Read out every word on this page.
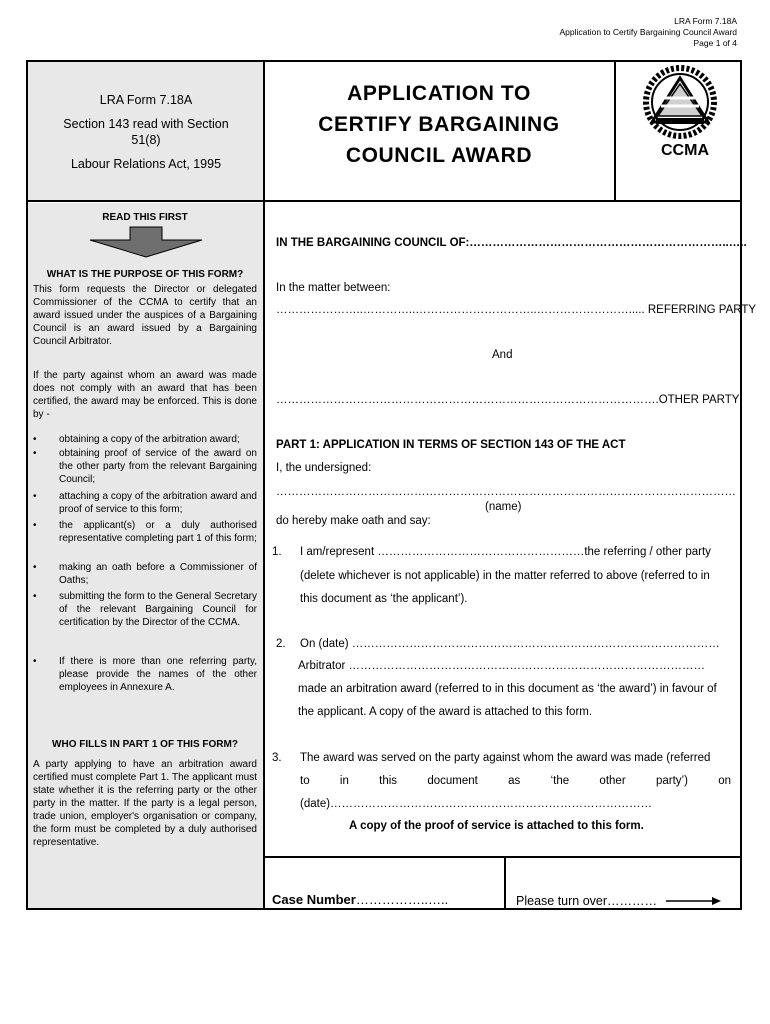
LRA Form 7.18A
Application to Certify Bargaining Council Award
Page 1 of 4
LRA Form 7.18A
Section 143 read with Section
51(8)
Labour Relations Act, 1995
APPLICATION TO
CERTIFY BARGAINING
COUNCIL AWARD	CCMA
READ THIS FIRST
WHAT IS THE PURPOSE OF THIS FORM?

This form requests the Director or delegated Commissioner of the CCMA to certify that an award issued under the auspices of a Bargaining Council is an award issued by a Bargaining Council Arbitrator.

If the party against whom an award was made does not comply with an award that has been certified, the award may be enforced. This is done by -

• obtaining a copy of the arbitration award;
• obtaining proof of service of the award on the other party from the relevant Bargaining Council;
• attaching a copy of the arbitration award and proof of service to this form;
• the applicant(s) or a duly authorised representative completing part 1 of this form;
• making an oath before a Commissioner of Oaths;
• submitting the form to the General Secretary of the relevant Bargaining Council for certification by the Director of the CCMA.
• If there is more than one referring party, please provide the names of the other employees in Annexure A.
WHO FILLS IN PART 1 OF THIS FORM?

A party applying to have an arbitration award certified must complete Part 1. The applicant must state whether it is the referring party or the other party in the matter. If the party is a legal person, trade union, employer's organisation or company, the form must be completed by a duly authorised representative.

IN THE BARGAINING COUNCIL OF:…………………………………………………………..…..
In the matter between:
…………………..…………..…………………………..……………………..... REFERRING PARTY
And
……………………………………………………………………………………….OTHER PARTY
PART 1: APPLICATION IN TERMS OF SECTION 143 OF THE ACT
I, the undersigned:
…………………………………………………………………………………………………………
(name)
do hereby make oath and say:
1. I am/represent ………………………………………………the referring / other party
(delete whichever is not applicable) in the matter referred to above (referred to in
this document as ‘the applicant’).
2. On (date) ……………………………………………………………………………………
Arbitrator …………………………………………………………………………………
made an arbitration award (referred to in this document as ‘the award’) in favour of
the applicant. A copy of the award is attached to this form.
3. The award was served on the party against whom the award was made (referred
to in this document as ‘the other party’) on
(date)…………………………………………………………………………
A copy of the proof of service is attached to this form.
Case Number……………..…..	Please turn over…………
